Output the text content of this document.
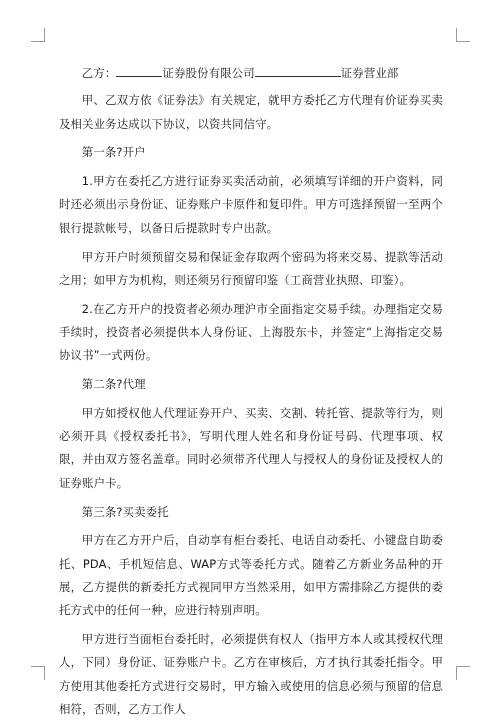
乙方：	证券股份有限公司	证券营业部

甲、乙双方依《证券法》有关规定，就甲方委托乙方代理有价证券买卖及相关业务达成以下协议，以资共同信守。

第一条?开户

1.甲方在委托乙方进行证券买卖活动前，必须填写详细的开户资料，同时还必须出示身份证、证券账户卡原件和复印件。甲方可选择预留一至两个银行提款帐号，以备日后提款时专户出款。

甲方开户时须预留交易和保证金存取两个密码为将来交易、提款等活动之用；如甲方为机构，则还须另行预留印鉴（工商营业执照、印鉴）。

2.在乙方开户的投资者必须办理沪市全面指定交易手续。办理指定交易手续时，投资者必须提供本人身份证、上海股东卡，并签定“上海指定交易协议书”一式两份。

第二条?代理

甲方如授权他人代理证券开户、买卖、交割、转托管、提款等行为，则必须开具《授权委托书》，写明代理人姓名和身份证号码、代理事项、权限，并由双方签名盖章。同时必须带齐代理人与授权人的身份证及授权人的证券账户卡。

第三条?买卖委托

甲方在乙方开户后，自动享有柜台委托、电话自动委托、小键盘自助委托、PDA、手机短信息、WAP方式等委托方式。随着乙方新业务品种的开展，乙方提供的新委托方式视同甲方当然采用，如甲方需排除乙方提供的委托方式中的任何一种，应进行特别声明。

甲方进行当面柜台委托时，必须提供有权人（指甲方本人或其授权代理人，下同）身份证、证券账户卡。乙方在审核后，方才执行其委托指令。甲方使用其他委托方式进行交易时，甲方输入或使用的信息必须与预留的信息相符，否则，乙方工作人
